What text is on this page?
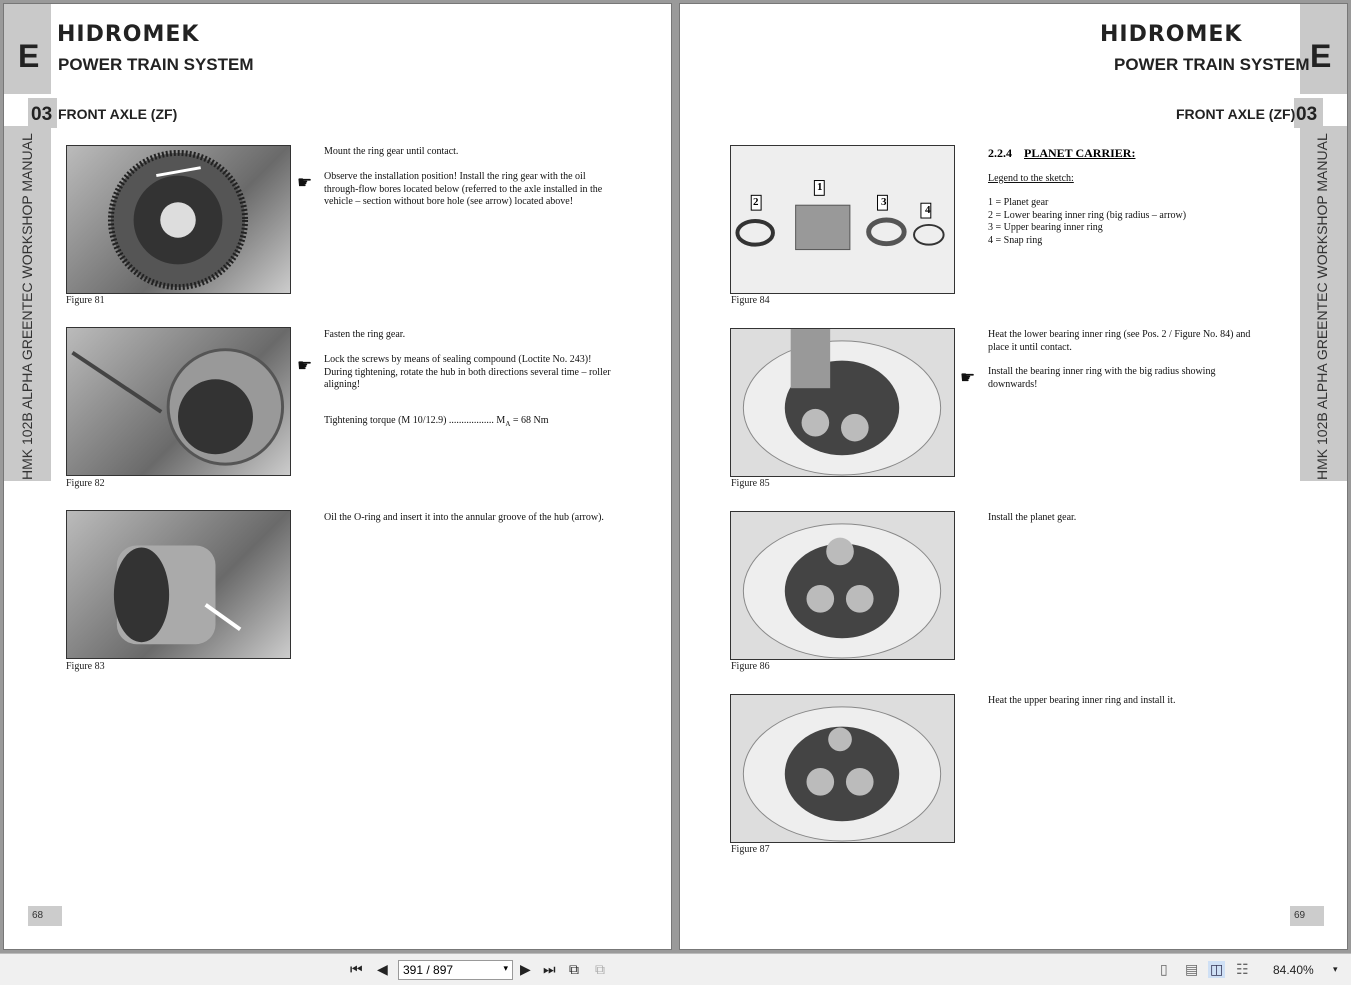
E
HIDROMEK
POWER TRAIN SYSTEM
03 FRONT AXLE (ZF)
HMK 102B ALPHA GREENTEC WORKSHOP MANUAL	Figure 81
Figure 82
Figure 83
Mount the ring gear until contact.
☛ Observe the installation position! Install the ring gear with the oil through-flow bores located below (referred to the axle installed in the vehicle – section without bore hole (see arrow) located above!
Fasten the ring gear.
☛ Lock the screws by means of sealing compound (Loctite No. 243)! During tightening, rotate the hub in both directions several time – roller aligning!
Tightening torque (M 10/12.9) .................. $M_A = 68$ Nm
Oil the O-ring and insert it into the annular groove of the hub (arrow).
68
E
HIDROMEK
POWER TRAIN SYSTEM
03
FRONT AXLE (ZF)
HMK 102B ALPHA GREENTEC WORKSHOP MANUAL
1
2	3
4
Figure 84
Figure 85
Figure 86
Figure 87
2.2.4 PLANET CARRIER:
Legend to the sketch:
1 = Planet gear
2 = Lower bearing inner ring (big radius – arrow)
3 = Upper bearing inner ring
4 = Snap ring
Heat the lower bearing inner ring (see Pos. 2 / Figure No. 84) and place it until contact.
☛ Install the bearing inner ring with the big radius showing downwards!
Install the planet gear.
Heat the upper bearing inner ring and install it.
69
⏮ ◀	391 / 897	▾ ▶ ⏭ ⧉ ⧉	▯ ▤ ◫ ☷ 84.40% ▾
